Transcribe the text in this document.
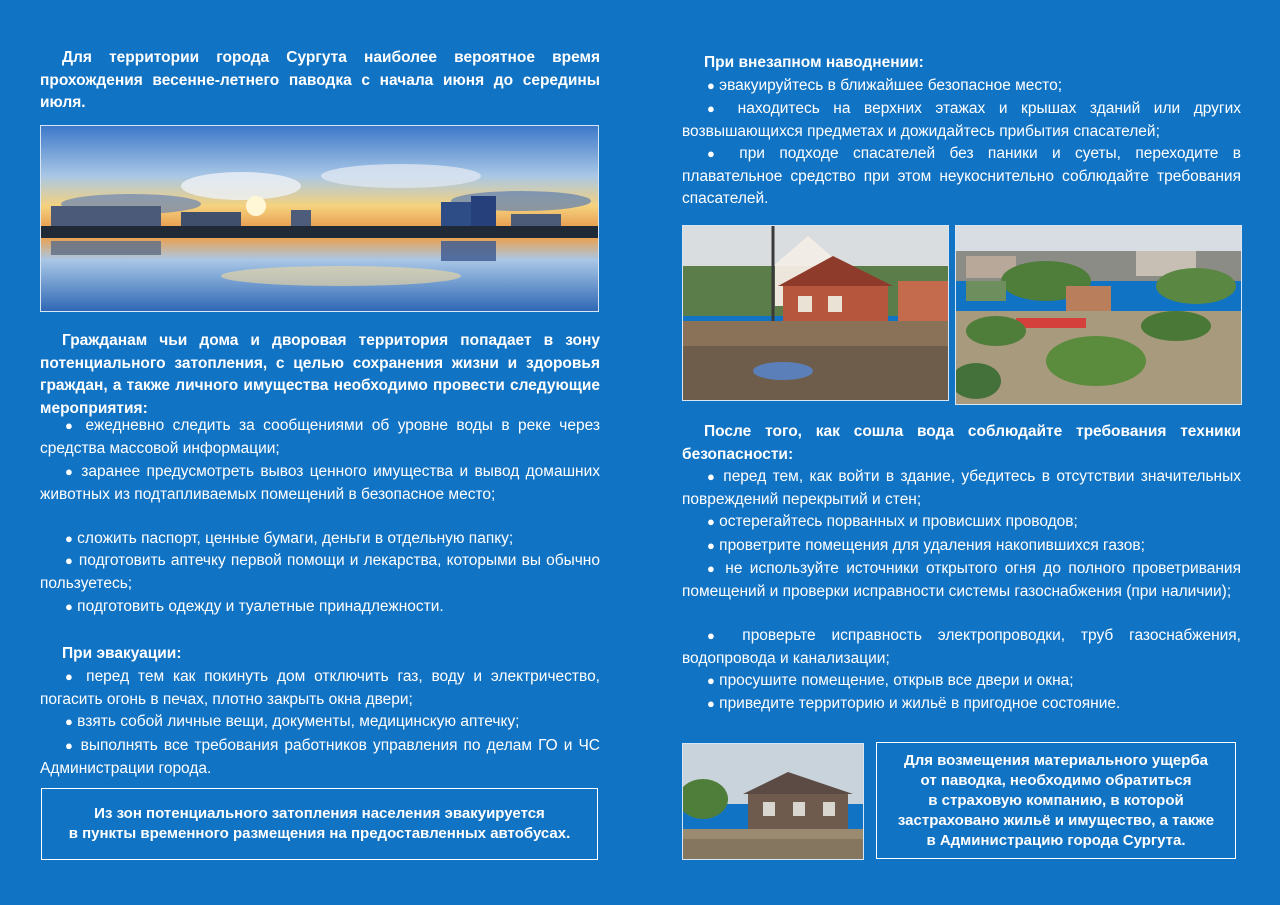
Для территории города Сургута наиболее вероятное время прохождения весенне-летнего паводка с начала июня до середины июля.

Гражданам чьи дома и дворовая территория попадает в зону потенциального затопления, с целью сохранения жизни и здоровья граждан, а также личного имущества необходимо провести следующие мероприятия:

● ежедневно следить за сообщениями об уровне воды в реке через средства массовой информации;

● заранее предусмотреть вывоз ценного имущества и вывод домашних животных из подтапливаемых помещений в безопасное место;

● сложить паспорт, ценные бумаги, деньги в отдельную папку;

● подготовить аптечку первой помощи и лекарства, которыми вы обычно пользуетесь;

● подготовить одежду и туалетные принадлежности.

При эвакуации:

● перед тем как покинуть дом отключить газ, воду и электричество, погасить огонь в печах, плотно закрыть окна двери;

● взять собой личные вещи, документы, медицинскую аптечку;

● выполнять все требования работников управления по делам ГО и ЧС Администрации города.

Из зон потенциального затопления населения эвакуируется
в пункты временного размещения на предоставленных автобусах.

При внезапном наводнении:

● эвакуируйтесь в ближайшее безопасное место;

● находитесь на верхних этажах и крышах зданий или других возвышающихся предметах и дожидайтесь прибытия спасателей;

● при подходе спасателей без паники и суеты, переходите в плавательное средство при этом неукоснительно соблюдайте требования спасателей.

После того, как сошла вода соблюдайте требования техники безопасности:

● перед тем, как войти в здание, убедитесь в отсутствии значительных повреждений перекрытий и стен;

● остерегайтесь порванных и провисших проводов;

● проветрите помещения для удаления накопившихся газов;

● не используйте источники открытого огня до полного проветривания помещений и проверки исправности системы газоснабжения (при наличии);

● проверьте исправность электропроводки, труб газоснабжения, водопровода и канализации;

● просушите помещение, открыв все двери и окна;

● приведите территорию и жильё в пригодное состояние.

Для возмещения материального ущерба
от паводка, необходимо обратиться
в страховую компанию, в которой
застраховано жильё и имущество, а также
в Администрацию города Сургута.
